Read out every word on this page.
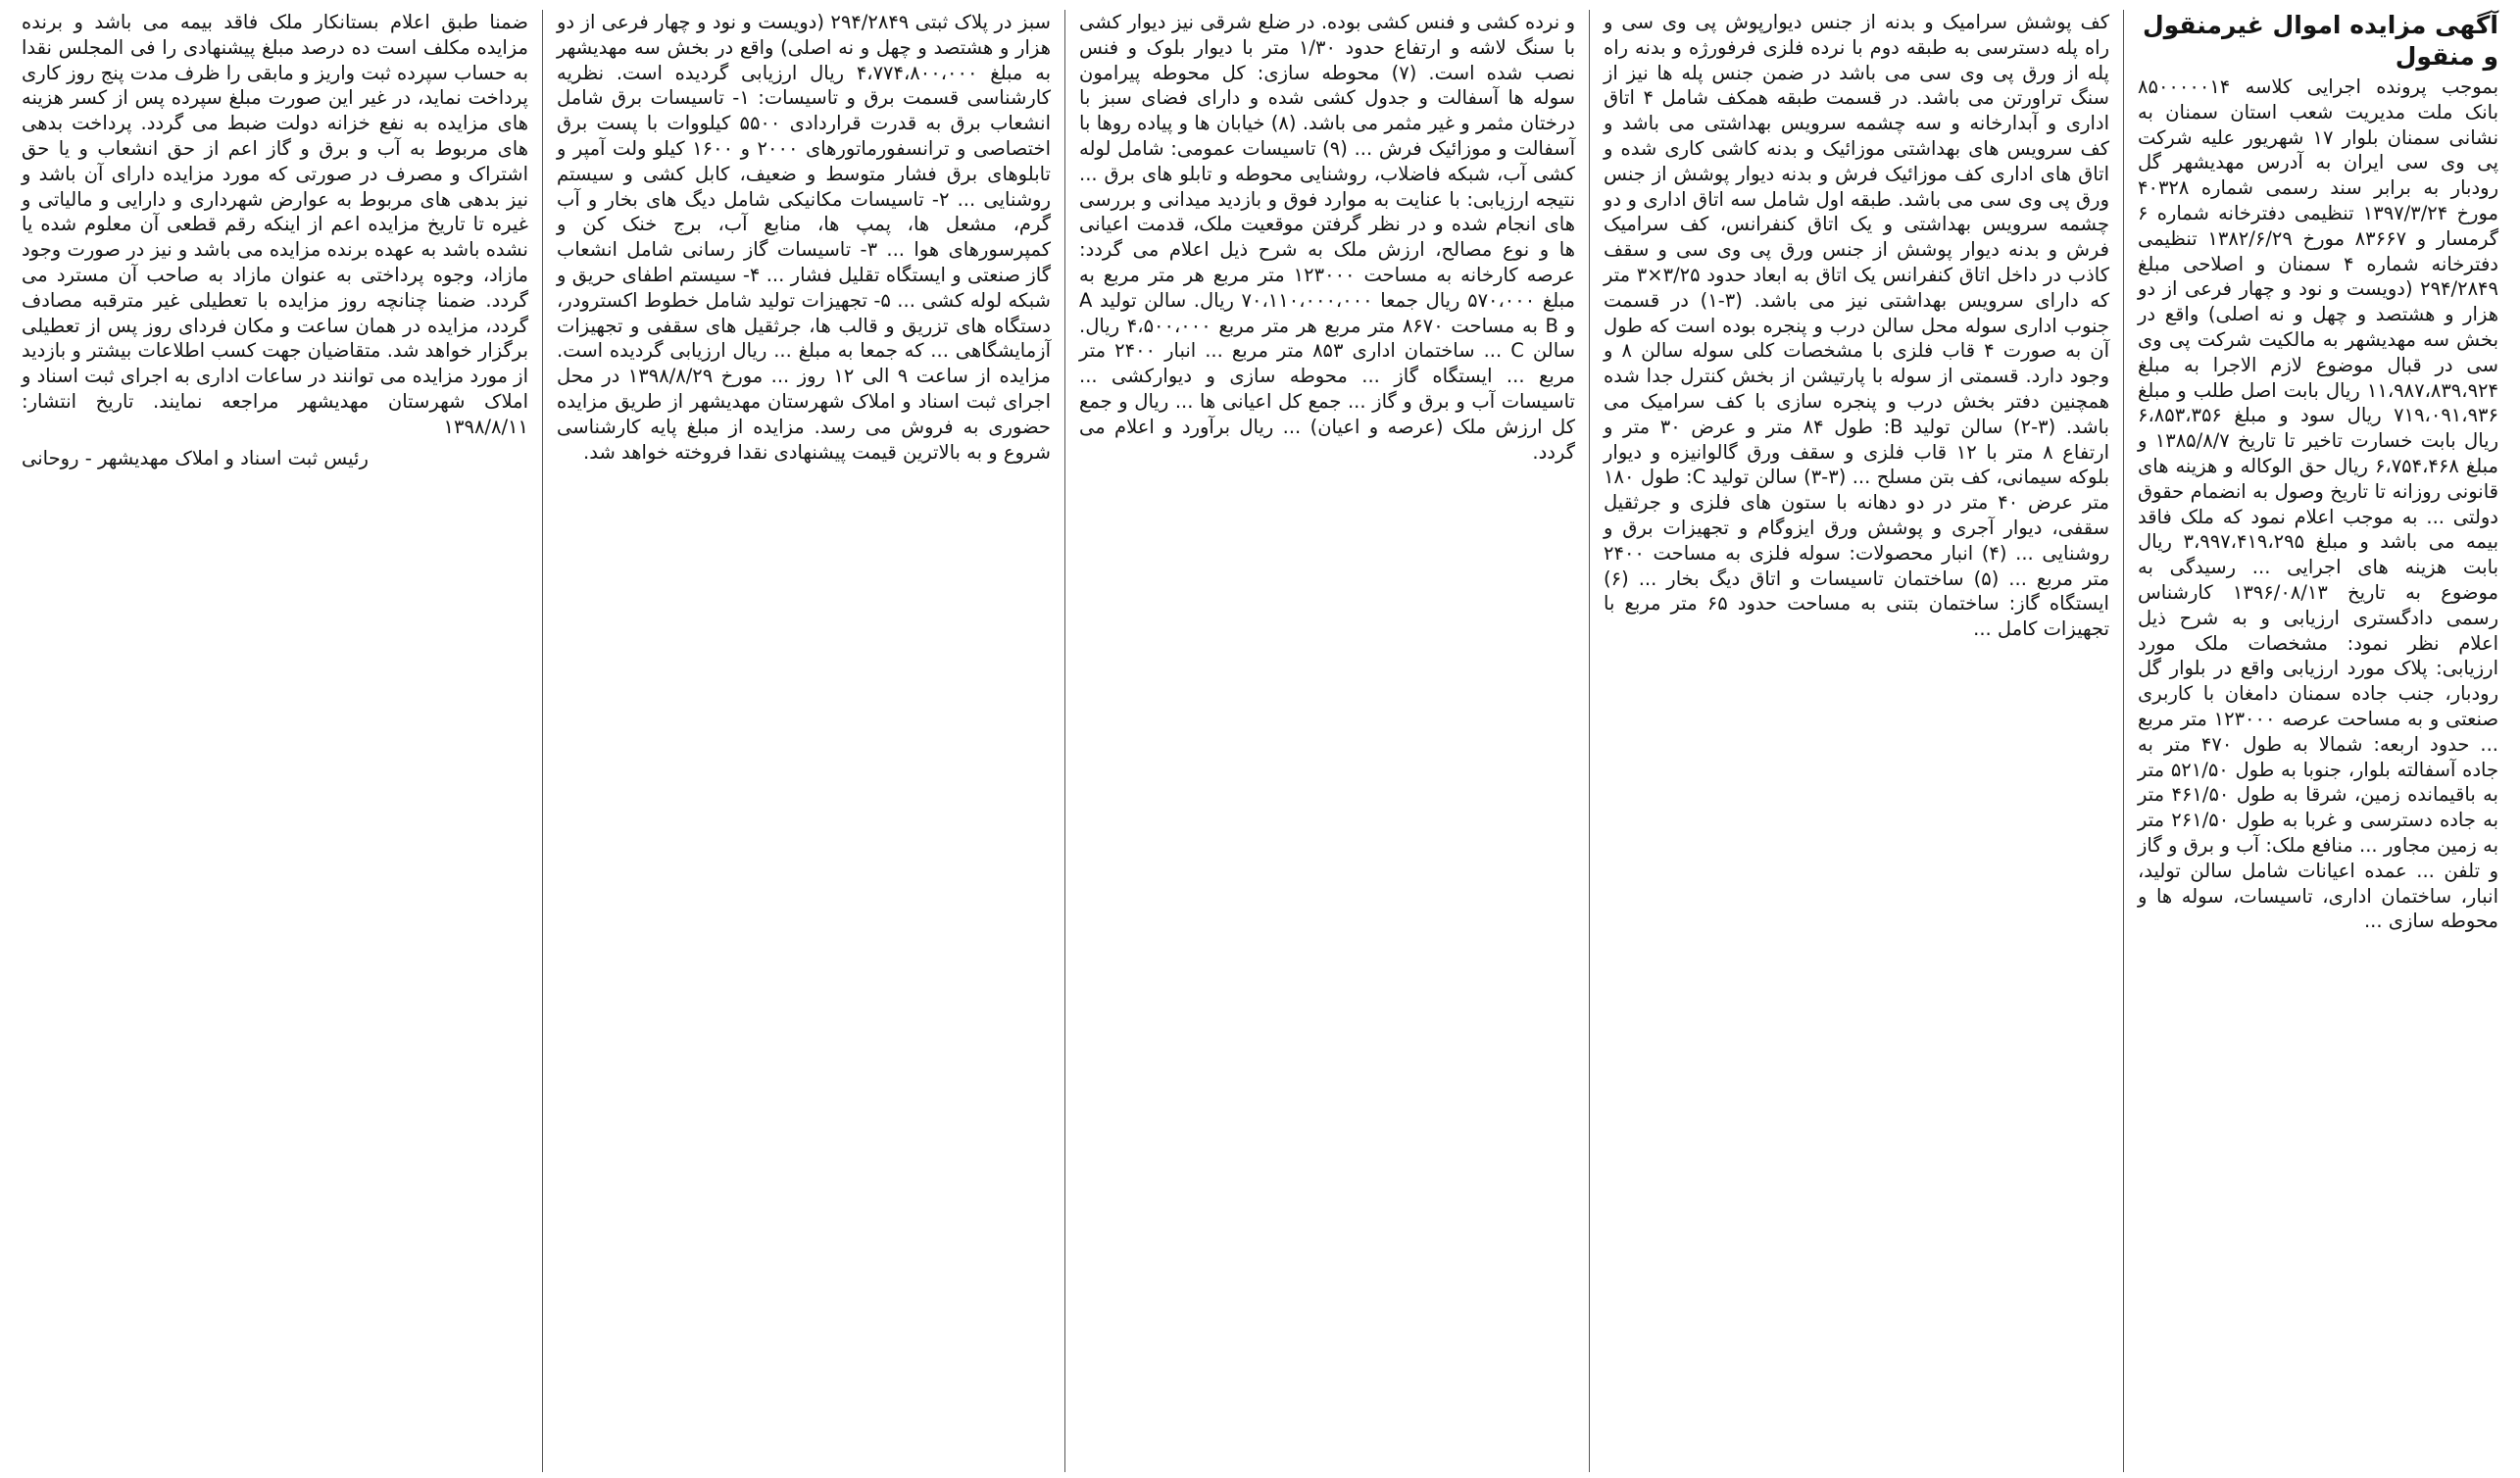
آگهی مزایده اموال غیرمنقول و منقول

بموجب پرونده اجرایی کلاسه ۸۵۰۰۰۰۰۱۴ بانک ملت مدیریت شعب استان سمنان به نشانی سمنان بلوار ۱۷ شهریور علیه شرکت پی وی سی ایران به آدرس مهدیشهر گل رودبار به برابر سند رسمی شماره ۴۰۳۲۸ مورخ ۱۳۹۷/۳/۲۴ تنظیمی دفترخانه شماره ۶ گرمسار و ۸۳۶۶۷ مورخ ۱۳۸۲/۶/۲۹ تنظیمی دفترخانه شماره ۴ سمنان و اصلاحی مبلغ ۲۹۴/۲۸۴۹ (دویست و نود و چهار فرعی از دو هزار و هشتصد و چهل و نه اصلی) واقع در بخش سه مهدیشهر به مالکیت شرکت پی وی سی در قبال موضوع لازم الاجرا به مبلغ ۱۱،۹۸۷،۸۳۹،۹۲۴ ریال بابت اصل طلب و مبلغ ۷۱۹،۰۹۱،۹۳۶ ریال سود و مبلغ ۶،۸۵۳،۳۵۶ ریال بابت خسارت تاخیر تا تاریخ ۱۳۸۵/۸/۷ و مبلغ ۶،۷۵۴،۴۶۸ ریال حق الوکاله و هزینه های قانونی روزانه تا تاریخ وصول به انضمام حقوق دولتی ... به موجب اعلام نمود که ملک فاقد بیمه می باشد و مبلغ ۳،۹۹۷،۴۱۹،۲۹۵ ریال بابت هزینه های اجرایی ... رسیدگی به موضوع به تاریخ ۱۳۹۶/۰۸/۱۳ کارشناس رسمی دادگستری ارزیابی و به شرح ذیل اعلام نظر نمود: مشخصات ملک مورد ارزیابی: پلاک مورد ارزیابی واقع در بلوار گل رودبار، جنب جاده سمنان دامغان با کاربری صنعتی و به مساحت عرصه ۱۲۳۰۰۰ متر مربع ... حدود اربعه: شمالا به طول ۴۷۰ متر به جاده آسفالته بلوار، جنوبا به طول ۵۲۱/۵۰ متر به باقیمانده زمین، شرقا به طول ۴۶۱/۵۰ متر به جاده دسترسی و غربا به طول ۲۶۱/۵۰ متر به زمین مجاور ... منافع ملک: آب و برق و گاز و تلفن ... عمده اعیانات شامل سالن تولید، انبار، ساختمان اداری، تاسیسات، سوله ها و محوطه سازی ...

کف پوشش سرامیک و بدنه از جنس دیوارپوش پی وی سی و راه پله دسترسی به طبقه دوم با نرده فلزی فرفورژه و بدنه راه پله از ورق پی وی سی می باشد در ضمن جنس پله ها نیز از سنگ تراورتن می باشد. در قسمت طبقه همکف شامل ۴ اتاق اداری و آبدارخانه و سه چشمه سرویس بهداشتی می باشد و کف سرویس های بهداشتی موزائیک و بدنه کاشی کاری شده و اتاق های اداری کف موزائیک فرش و بدنه دیوار پوشش از جنس ورق پی وی سی می باشد. طبقه اول شامل سه اتاق اداری و دو چشمه سرویس بهداشتی و یک اتاق کنفرانس، کف سرامیک فرش و بدنه دیوار پوشش از جنس ورق پی وی سی و سقف کاذب در داخل اتاق کنفرانس یک اتاق به ابعاد حدود ۳/۲۵×۳ متر که دارای سرویس بهداشتی نیز می باشد. (۳-۱) در قسمت جنوب اداری سوله محل سالن درب و پنجره بوده است که طول آن به صورت ۴ قاب فلزی با مشخصات کلی سوله سالن ۸ و وجود دارد. قسمتی از سوله با پارتیشن از بخش کنترل جدا شده همچنین دفتر بخش درب و پنجره سازی با کف سرامیک می باشد. (۳-۲) سالن تولید B: طول ۸۴ متر و عرض ۳۰ متر و ارتفاع ۸ متر با ۱۲ قاب فلزی و سقف ورق گالوانیزه و دیوار بلوکه سیمانی، کف بتن مسلح ... (۳-۳) سالن تولید C: طول ۱۸۰ متر عرض ۴۰ متر در دو دهانه با ستون های فلزی و جرثقیل سقفی، دیوار آجری و پوشش ورق ایزوگام و تجهیزات برق و روشنایی ... (۴) انبار محصولات: سوله فلزی به مساحت ۲۴۰۰ متر مربع ... (۵) ساختمان تاسیسات و اتاق دیگ بخار ... (۶) ایستگاه گاز: ساختمان بتنی به مساحت حدود ۶۵ متر مربع با تجهیزات کامل ...

و نرده کشی و فنس کشی بوده. در ضلع شرقی نیز دیوار کشی با سنگ لاشه و ارتفاع حدود ۱/۳۰ متر با دیوار بلوک و فنس نصب شده است. (۷) محوطه سازی: کل محوطه پیرامون سوله ها آسفالت و جدول کشی شده و دارای فضای سبز با درختان مثمر و غیر مثمر می باشد. (۸) خیابان ها و پیاده روها با آسفالت و موزائیک فرش ... (۹) تاسیسات عمومی: شامل لوله کشی آب، شبکه فاضلاب، روشنایی محوطه و تابلو های برق ... نتیجه ارزیابی: با عنایت به موارد فوق و بازدید میدانی و بررسی های انجام شده و در نظر گرفتن موقعیت ملک، قدمت اعیانی ها و نوع مصالح، ارزش ملک به شرح ذیل اعلام می گردد: عرصه کارخانه به مساحت ۱۲۳۰۰۰ متر مربع هر متر مربع به مبلغ ۵۷۰،۰۰۰ ریال جمعا ۷۰،۱۱۰،۰۰۰،۰۰۰ ریال. سالن تولید A و B به مساحت ۸۶۷۰ متر مربع هر متر مربع ۴،۵۰۰،۰۰۰ ریال. سالن C ... ساختمان اداری ۸۵۳ متر مربع ... انبار ۲۴۰۰ متر مربع ... ایستگاه گاز ... محوطه سازی و دیوارکشی ... تاسیسات آب و برق و گاز ... جمع کل اعیانی ها ... ریال و جمع کل ارزش ملک (عرصه و اعیان) ... ریال برآورد و اعلام می گردد.

سبز در پلاک ثبتی ۲۹۴/۲۸۴۹ (دویست و نود و چهار فرعی از دو هزار و هشتصد و چهل و نه اصلی) واقع در بخش سه مهدیشهر به مبلغ ۴،۷۷۴،۸۰۰،۰۰۰ ریال ارزیابی گردیده است. نظریه کارشناسی قسمت برق و تاسیسات: ۱- تاسیسات برق شامل انشعاب برق به قدرت قراردادی ۵۵۰۰ کیلووات با پست برق اختصاصی و ترانسفورماتورهای ۲۰۰۰ و ۱۶۰۰ کیلو ولت آمپر و تابلوهای برق فشار متوسط و ضعیف، کابل کشی و سیستم روشنایی ... ۲- تاسیسات مکانیکی شامل دیگ های بخار و آب گرم، مشعل ها، پمپ ها، منابع آب، برج خنک کن و کمپرسورهای هوا ... ۳- تاسیسات گاز رسانی شامل انشعاب گاز صنعتی و ایستگاه تقلیل فشار ... ۴- سیستم اطفای حریق و شبکه لوله کشی ... ۵- تجهیزات تولید شامل خطوط اکسترودر، دستگاه های تزریق و قالب ها، جرثقیل های سقفی و تجهیزات آزمایشگاهی ... که جمعا به مبلغ ... ریال ارزیابی گردیده است. مزایده از ساعت ۹ الی ۱۲ روز ... مورخ ۱۳۹۸/۸/۲۹ در محل اجرای ثبت اسناد و املاک شهرستان مهدیشهر از طریق مزایده حضوری به فروش می رسد. مزایده از مبلغ پایه کارشناسی شروع و به بالاترین قیمت پیشنهادی نقدا فروخته خواهد شد.

ضمنا طبق اعلام بستانکار ملک فاقد بیمه می باشد و برنده مزایده مکلف است ده درصد مبلغ پیشنهادی را فی المجلس نقدا به حساب سپرده ثبت واریز و مابقی را ظرف مدت پنج روز کاری پرداخت نماید، در غیر این صورت مبلغ سپرده پس از کسر هزینه های مزایده به نفع خزانه دولت ضبط می گردد. پرداخت بدهی های مربوط به آب و برق و گاز اعم از حق انشعاب و یا حق اشتراک و مصرف در صورتی که مورد مزایده دارای آن باشد و نیز بدهی های مربوط به عوارض شهرداری و دارایی و مالیاتی و غیره تا تاریخ مزایده اعم از اینکه رقم قطعی آن معلوم شده یا نشده باشد به عهده برنده مزایده می باشد و نیز در صورت وجود مازاد، وجوه پرداختی به عنوان مازاد به صاحب آن مسترد می گردد. ضمنا چنانچه روز مزایده با تعطیلی غیر مترقبه مصادف گردد، مزایده در همان ساعت و مکان فردای روز پس از تعطیلی برگزار خواهد شد. متقاضیان جهت کسب اطلاعات بیشتر و بازدید از مورد مزایده می توانند در ساعات اداری به اجرای ثبت اسناد و املاک شهرستان مهدیشهر مراجعه نمایند. تاریخ انتشار: ۱۳۹۸/۸/۱۱

رئیس ثبت اسناد و املاک مهدیشهر - روحانی
